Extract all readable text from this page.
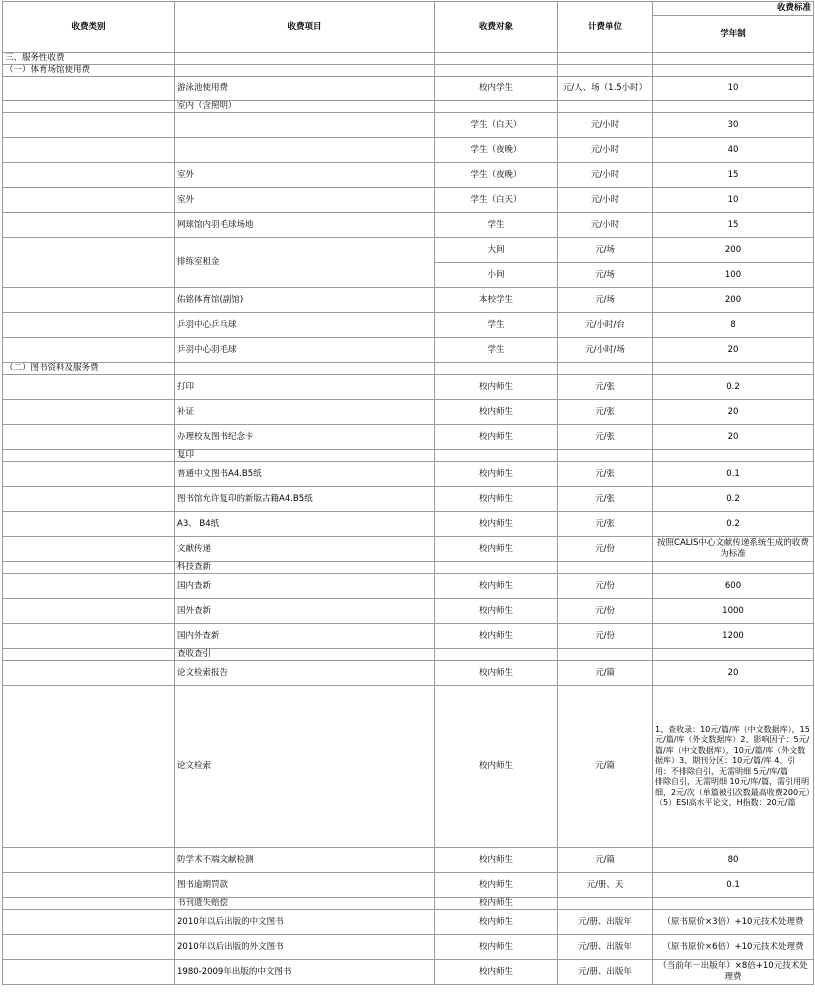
收费类别	收费项目	收费对象	计费单位	收费标准
				学年制
三、服务性收费				
（一）体育场馆使用费				
	游泳池使用费	校内学生	元/人、场（1.5小时）	10
	室内（含照明）			
		学生（白天）	元/小时	30
		学生（夜晚）	元/小时	40
	室外	学生（夜晚）	元/小时	15
	室外	学生（白天）	元/小时	10
	网球馆内羽毛球场地	学生	元/小时	15
	排练室租金	大间	元/场	200
		小间	元/场	100
	佑铭体育馆(副馆)	本校学生	元/场	200
	乒羽中心乒乓球	学生	元/小时/台	8
	乒羽中心羽毛球	学生	元/小时/场	20
（二）图书资料及服务费				
	打印	校内师生	元/张	0.2
	补证	校内师生	元/张	20
	办理校友图书纪念卡	校内师生	元/张	20
	复印			
	普通中文图书A4.B5纸	校内师生	元/张	0.1
	图书馆允许复印的新版古籍A4.B5纸	校内师生	元/张	0.2
	A3、 B4纸	校内师生	元/张	0.2
	文献传递	校内师生	元/份	按照CALIS中心文献传递系统生成的收费为标准
	科技查新			
	国内查新	校内师生	元/份	600
	国外查新	校内师生	元/份	1000
	国内外查新	校内师生	元/份	1200
	查收查引			
	论文检索报告	校内师生	元/篇	20
	论文检索	校内师生	元/篇	1、查收录：10元/篇/库（中文数据库），15元/篇/库（外文数据库）2、影响因子：5元/篇/库（中文数据库），10元/篇/库（外文数据库）3、期刊分区：10元/篇/库 4、引用：不排除自引，无需明细 5元/库/篇
排除自引，无需明细 10元/库/篇，需引用明细，2元/次（单篇被引次数最高收费200元）（5）ESI高水平论文，H指数：20元/篇
	防学术不端文献检测	校内师生	元/篇	80
	图书逾期罚款	校内师生	元/册、天	0.1
	书刊遗失赔偿	校内师生		
	2010年以后出版的中文图书	校内师生	元/册、出版年	（原书原价×3倍）+10元技术处理费
	2010年以后出版的外文图书	校内师生	元/册、出版年	（原书原价×6倍）+10元技术处理费
	1980-2009年出版的中文图书	校内师生	元/册、出版年	（当前年－出版年）×8倍+10元技术处理费
